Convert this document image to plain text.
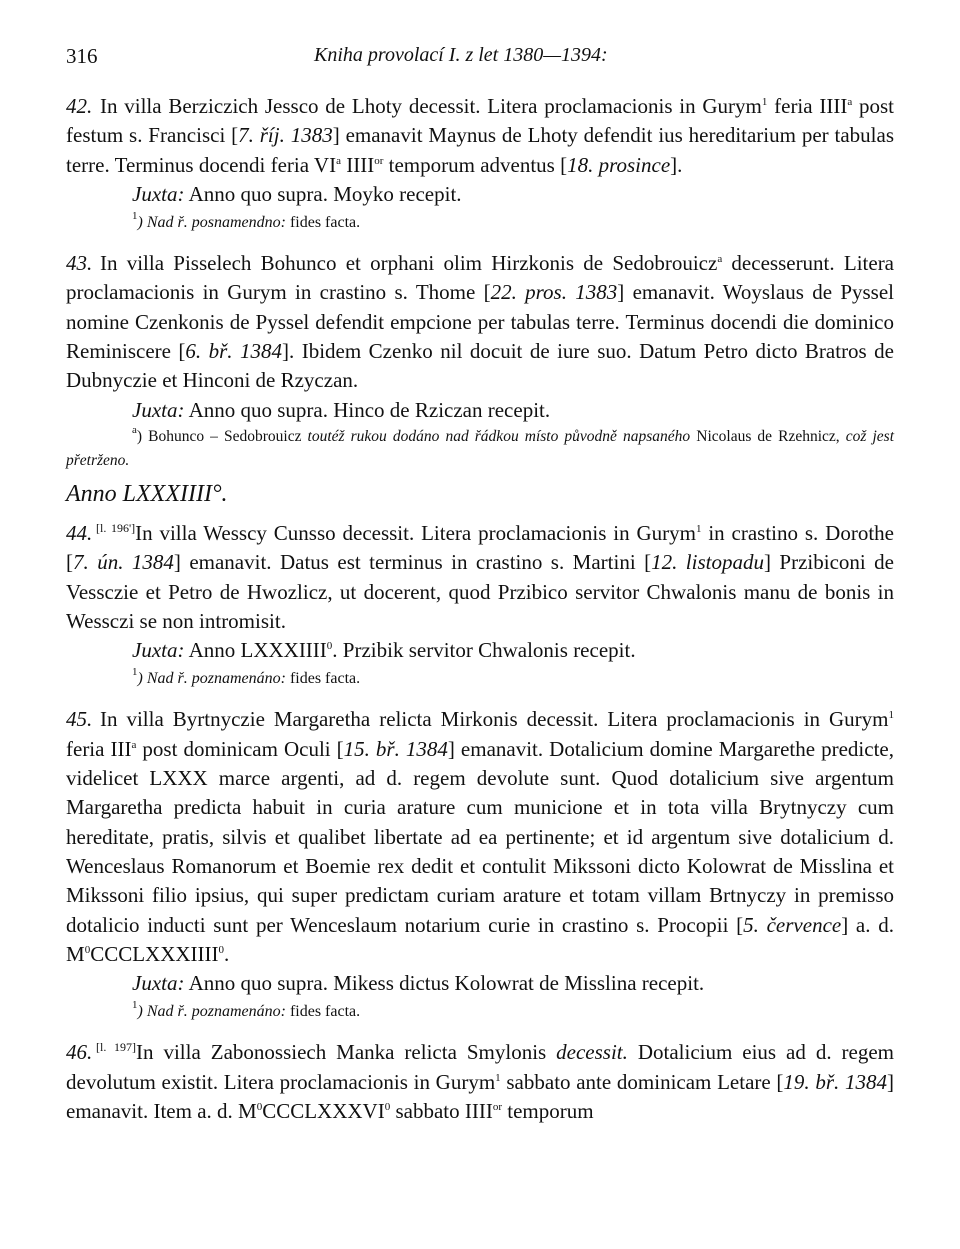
316	Kniha provolací I. z let 1380—1394:

42. In villa Berziczich Jessco de Lhoty decessit. Litera proclamacionis in Gurym$^1$ feria IIII$^a$ post festum s. Francisci [7. říj. 1383] emanavit Maynus de Lhoty defendit ius hereditarium per tabulas terre. Terminus docendi feria $VI^a$ $IIII^{or}$ temporum adventus [18. prosince].

Juxta: Anno quo supra. Moyko recepit.

$^1$) Nad ř. posnamendno: fides facta.

43. In villa Pisselech Bohunco et orphani olim Hirzkonis de Sedobrouicz$^a$ decesserunt. Litera proclamacionis in Gurym in crastino s. Thome [22. pros. 1383] emanavit. Woyslaus de Pyssel nomine Czenkonis de Pyssel defendit empcione per tabulas terre. Terminus docendi die dominico Reminiscere [6. bř. 1384]. Ibidem Czenko nil docuit de iure suo. Datum Petro dicto Bratros de Dubnyczie et Hinconi de Rzyczan.

Juxta: Anno quo supra. Hinco de Rziczan recepit.

$^a$) Bohunco – Sedobrouicz toutéž rukou dodáno nad řádkou místo původně napsaného Nicolaus de Rzehnicz, což jest přetrženo.

Anno LXXXIIII°.

44. [l. 196']In villa Wesscy Cunsso decessit. Litera proclamacionis in Gurym$^1$ in crastino s. Dorothe [7. ún. 1384] emanavit. Datus est terminus in crastino s. Martini [12. listopadu] Przibiconi de Vessczie et Petro de Hwozlicz, ut docerent, quod Przibico servitor Chwalonis manu de bonis in Wessczi se non intromisit.

Juxta: Anno LXXXIIII$^0$. Przibik servitor Chwalonis recepit.

$^1$) Nad ř. poznamenáno: fides facta.

45. In villa Byrtnyczie Margaretha relicta Mirkonis decessit. Litera proclamacionis in Gurym$^1$ feria III$^a$ post dominicam Oculi [15. bř. 1384] emanavit. Dotalicium domine Margarethe predicte, videlicet LXXX marce argenti, ad d. regem devolute sunt. Quod dotalicium sive argentum Margaretha predicta habuit in curia arature cum municione et in tota villa Brytnyczy cum hereditate, pratis, silvis et qualibet libertate ad ea pertinente; et id argentum sive dotalicium d. Wenceslaus Romanorum et Boemie rex dedit et contulit Mikssoni dicto Kolowrat de Misslina et Mikssoni filio ipsius, qui super predictam curiam arature et totam villam Brtnyczy in premisso dotalicio inducti sunt per Wenceslaum notarium curie in crastino s. Procopii [5. července] a. d. $M^0CCCLXXXIIII^0$.

Juxta: Anno quo supra. Mikess dictus Kolowrat de Misslina recepit.

$^1$) Nad ř. poznamenáno: fides facta.

46. [l. 197]In villa Zabonossiech Manka relicta Smylonis decessit. Dotalicium eius ad d. regem devolutum existit. Litera proclamacionis in Gurym$^1$ sabbato ante dominicam Letare [19. bř. 1384] emanavit. Item a. d. $M^0CCCLXXXVI^0$ sabbato $IIII^{or}$ temporum
